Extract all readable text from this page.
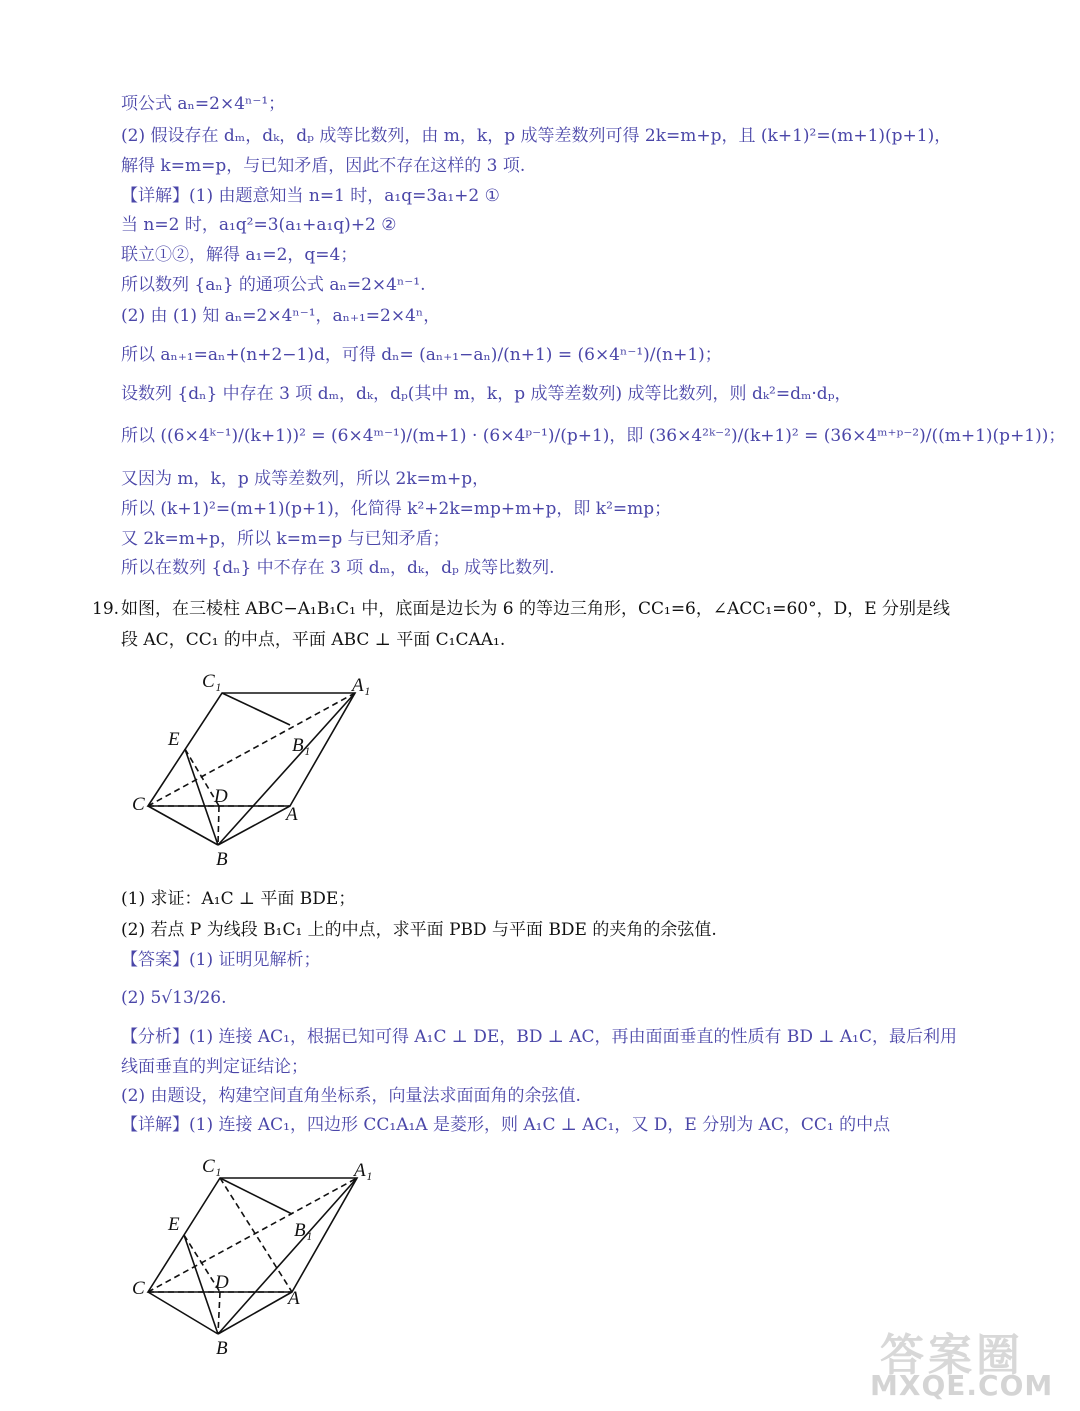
项公式 aₙ=2×4ⁿ⁻¹；
(2) 假设存在 dₘ，dₖ，dₚ 成等比数列，由 m，k，p 成等差数列可得 2k=m+p，且 (k+1)²=(m+1)(p+1)，
解得 k=m=p，与已知矛盾，因此不存在这样的 3 项.
【详解】(1) 由题意知当 n=1 时，a₁q=3a₁+2 ①
当 n=2 时，a₁q²=3(a₁+a₁q)+2 ②
联立①②，解得 a₁=2，q=4；
所以数列 {aₙ} 的通项公式 aₙ=2×4ⁿ⁻¹.
(2) 由 (1) 知 aₙ=2×4ⁿ⁻¹，aₙ₊₁=2×4ⁿ，
所以 aₙ₊₁=aₙ+(n+2−1)d，可得 dₙ= (aₙ₊₁−aₙ)/(n+1) = (6×4ⁿ⁻¹)/(n+1)；
设数列 {dₙ} 中存在 3 项 dₘ，dₖ，dₚ(其中 m，k，p 成等差数列) 成等比数列，则 dₖ²=dₘ·dₚ，
所以 ((6×4ᵏ⁻¹)/(k+1))² = (6×4ᵐ⁻¹)/(m+1) · (6×4ᵖ⁻¹)/(p+1)，即 (36×4²ᵏ⁻²)/(k+1)² = (36×4ᵐ⁺ᵖ⁻²)/((m+1)(p+1))；
又因为 m，k，p 成等差数列，所以 2k=m+p，
所以 (k+1)²=(m+1)(p+1)，化简得 k²+2k=mp+m+p，即 k²=mp；
又 2k=m+p，所以 k=m=p 与已知矛盾；
所以在数列 {dₙ} 中不存在 3 项 dₘ，dₖ，dₚ 成等比数列.
19. 如图，在三棱柱 ABC−A₁B₁C₁ 中，底面是边长为 6 的等边三角形，CC₁=6，∠ACC₁=60°，D，E 分别是线
段 AC，CC₁ 的中点，平面 ABC ⊥ 平面 C₁CAA₁.
C₁	A₁
B₁
E
C	D
A
B
(1) 求证：A₁C ⊥ 平面 BDE；
(2) 若点 P 为线段 B₁C₁ 上的中点，求平面 PBD 与平面 BDE 的夹角的余弦值.
【答案】(1) 证明见解析；
(2) 5√13/26.
【分析】(1) 连接 AC₁，根据已知可得 A₁C ⊥ DE，BD ⊥ AC，再由面面垂直的性质有 BD ⊥ A₁C，最后利用
线面垂直的判定证结论；
(2) 由题设，构建空间直角坐标系，向量法求面面角的余弦值.
【详解】(1) 连接 AC₁，四边形 CC₁A₁A 是菱形，则 A₁C ⊥ AC₁，又 D，E 分别为 AC，CC₁ 的中点
C₁	A₁
B₁
E
C	D
A
B	答案圈
MXQE.COM
